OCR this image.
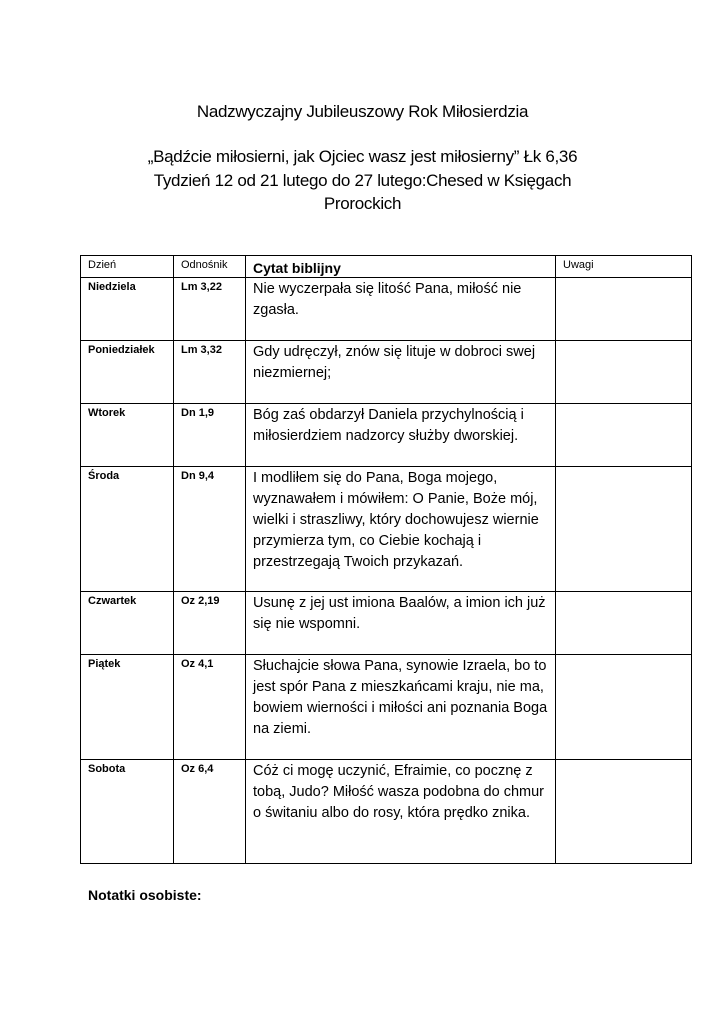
Nadzwyczajny Jubileuszowy Rok Miłosierdzia
„Bądźcie miłosierni, jak Ojciec wasz jest miłosierny” Łk 6,36
Tydzień 12 od 21 lutego do 27 lutego:Chesed w Księgach
Prorockich
Dzień	Odnośnik	Cytat biblijny	Uwagi

Niedziela	Lm 3,22	Nie wyczerpała się litość Pana, miłość nie zgasła.	

Poniedziałek	Lm 3,32	Gdy udręczył, znów się lituje w dobroci swej niezmiernej;	

Wtorek	Dn 1,9	Bóg zaś obdarzył Daniela przychylnością i miłosierdziem nadzorcy służby dworskiej.	

Środa	Dn 9,4	I modliłem się do Pana, Boga mojego, wyznawałem i mówiłem: O Panie, Boże mój, wielki i straszliwy, który dochowujesz wiernie przymierza tym, co Ciebie kochają i przestrzegają Twoich przykazań.	

Czwartek	Oz 2,19	Usunę z jej ust imiona Baalów, a imion ich już się nie wspomni.	

Piątek	Oz 4,1	Słuchajcie słowa Pana, synowie Izraela, bo to jest spór Pana z mieszkańcami kraju, nie ma, bowiem wierności i miłości ani poznania Boga na ziemi.	

Sobota	Oz 6,4	Cóż ci mogę uczynić, Efraimie, co pocznę z tobą, Judo? Miłość wasza podobna do chmur o świtaniu albo do rosy, która prędko znika.	

Notatki osobiste:
